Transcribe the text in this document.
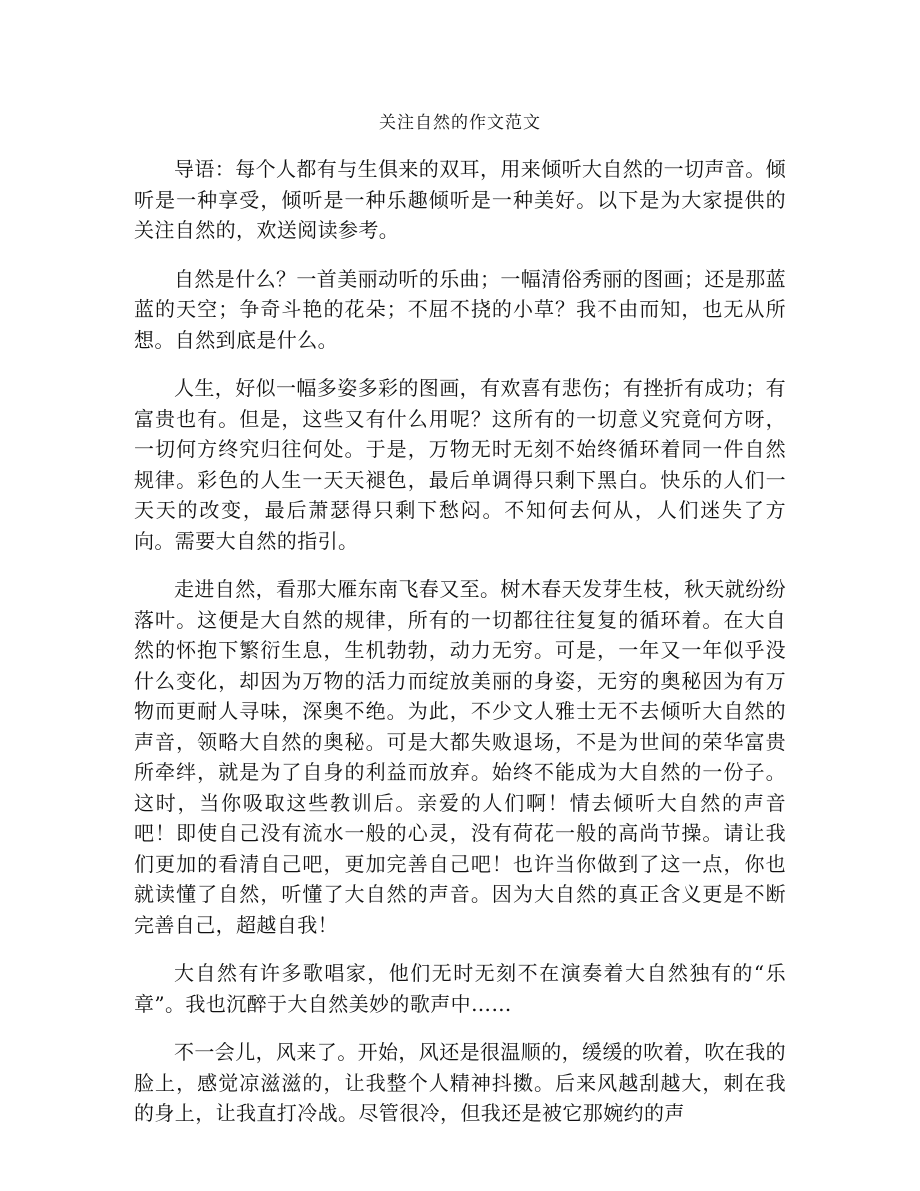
关注自然的作文范文

导语：每个人都有与生俱来的双耳，用来倾听大自然的一切声音。倾听是一种享受，倾听是一种乐趣倾听是一种美好。以下是为大家提供的关注自然的，欢送阅读参考。

自然是什么？一首美丽动听的乐曲；一幅清俗秀丽的图画；还是那蓝蓝的天空；争奇斗艳的花朵；不屈不挠的小草？我不由而知，也无从所想。自然到底是什么。

人生，好似一幅多姿多彩的图画，有欢喜有悲伤；有挫折有成功；有富贵也有。但是，这些又有什么用呢？这所有的一切意义究竟何方呀，一切何方终究归往何处。于是，万物无时无刻不始终循环着同一件自然规律。彩色的人生一天天褪色，最后单调得只剩下黑白。快乐的人们一天天的改变，最后萧瑟得只剩下愁闷。不知何去何从，人们迷失了方向。需要大自然的指引。

走进自然，看那大雁东南飞春又至。树木春天发芽生枝，秋天就纷纷落叶。这便是大自然的规律，所有的一切都往往复复的循环着。在大自然的怀抱下繁衍生息，生机勃勃，动力无穷。可是，一年又一年似乎没什么变化，却因为万物的活力而绽放美丽的身姿，无穷的奥秘因为有万物而更耐人寻味，深奥不绝。为此，不少文人雅士无不去倾听大自然的声音，领略大自然的奥秘。可是大都失败退场，不是为世间的荣华富贵所牵绊，就是为了自身的利益而放弃。始终不能成为大自然的一份子。这时，当你吸取这些教训后。亲爱的人们啊！情去倾听大自然的声音吧！即使自己没有流水一般的心灵，没有荷花一般的高尚节操。请让我们更加的看清自己吧，更加完善自己吧！也许当你做到了这一点，你也就读懂了自然，听懂了大自然的声音。因为大自然的真正含义更是不断完善自己，超越自我！

大自然有许多歌唱家，他们无时无刻不在演奏着大自然独有的“乐章”。我也沉醉于大自然美妙的歌声中……

不一会儿，风来了。开始，风还是很温顺的，缓缓的吹着，吹在我的脸上，感觉凉滋滋的，让我整个人精神抖擞。后来风越刮越大，刺在我的身上，让我直打冷战。尽管很冷，但我还是被它那婉约的声
